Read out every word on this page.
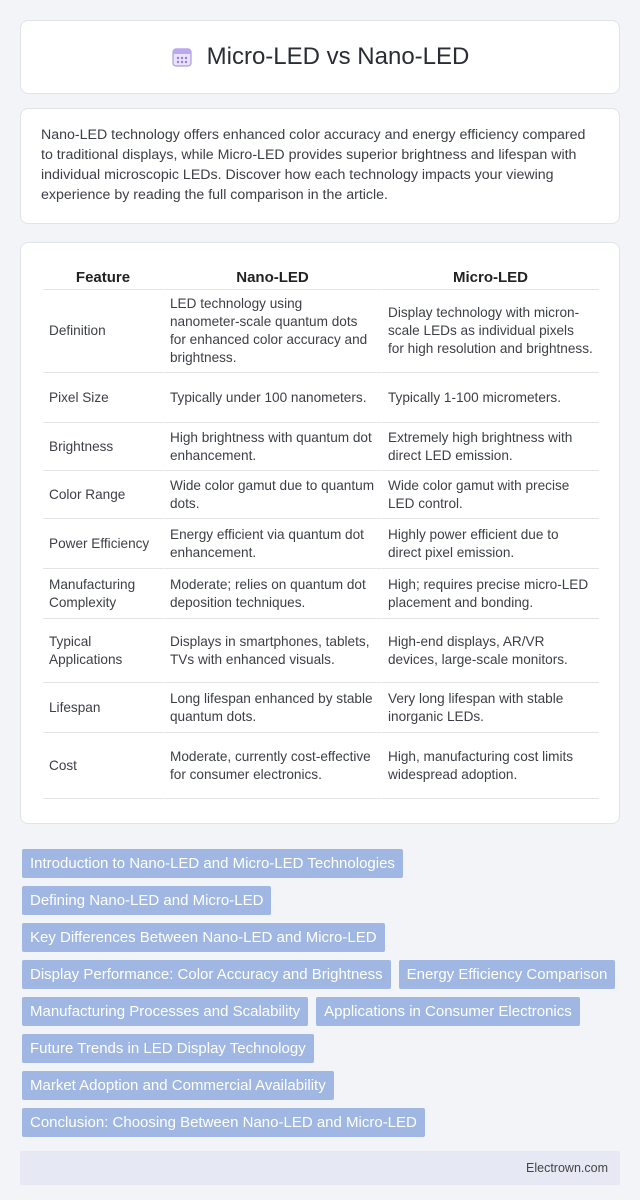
Micro-LED vs Nano-LED

Nano-LED technology offers enhanced color accuracy and energy efficiency compared to traditional displays, while Micro-LED provides superior brightness and lifespan with individual microscopic LEDs. Discover how each technology impacts your viewing experience by reading the full comparison in the article.

Feature	Nano-LED	Micro-LED
Definition	LED technology using nanometer-scale quantum dots for enhanced color accuracy and brightness.	Display technology with micron-scale LEDs as individual pixels for high resolution and brightness.
Pixel Size	Typically under 100 nanometers.	Typically 1-100 micrometers.
Brightness	High brightness with quantum dot enhancement.	Extremely high brightness with direct LED emission.
Color Range	Wide color gamut due to quantum dots.	Wide color gamut with precise LED control.
Power Efficiency	Energy efficient via quantum dot enhancement.	Highly power efficient due to direct pixel emission.
Manufacturing Complexity	Moderate; relies on quantum dot deposition techniques.	High; requires precise micro-LED placement and bonding.
Typical Applications	Displays in smartphones, tablets, TVs with enhanced visuals.	High-end displays, AR/VR devices, large-scale monitors.
Lifespan	Long lifespan enhanced by stable quantum dots.	Very long lifespan with stable inorganic LEDs.
Cost	Moderate, currently cost-effective for consumer electronics.	High, manufacturing cost limits widespread adoption.
Introduction to Nano-LED and Micro-LED Technologies
Defining Nano-LED and Micro-LED
Key Differences Between Nano-LED and Micro-LED
Display Performance: Color Accuracy and Brightness	Energy Efficiency Comparison
Manufacturing Processes and Scalability	Applications in Consumer Electronics
Future Trends in LED Display Technology
Market Adoption and Commercial Availability
Conclusion: Choosing Between Nano-LED and Micro-LED
Electrown.com
